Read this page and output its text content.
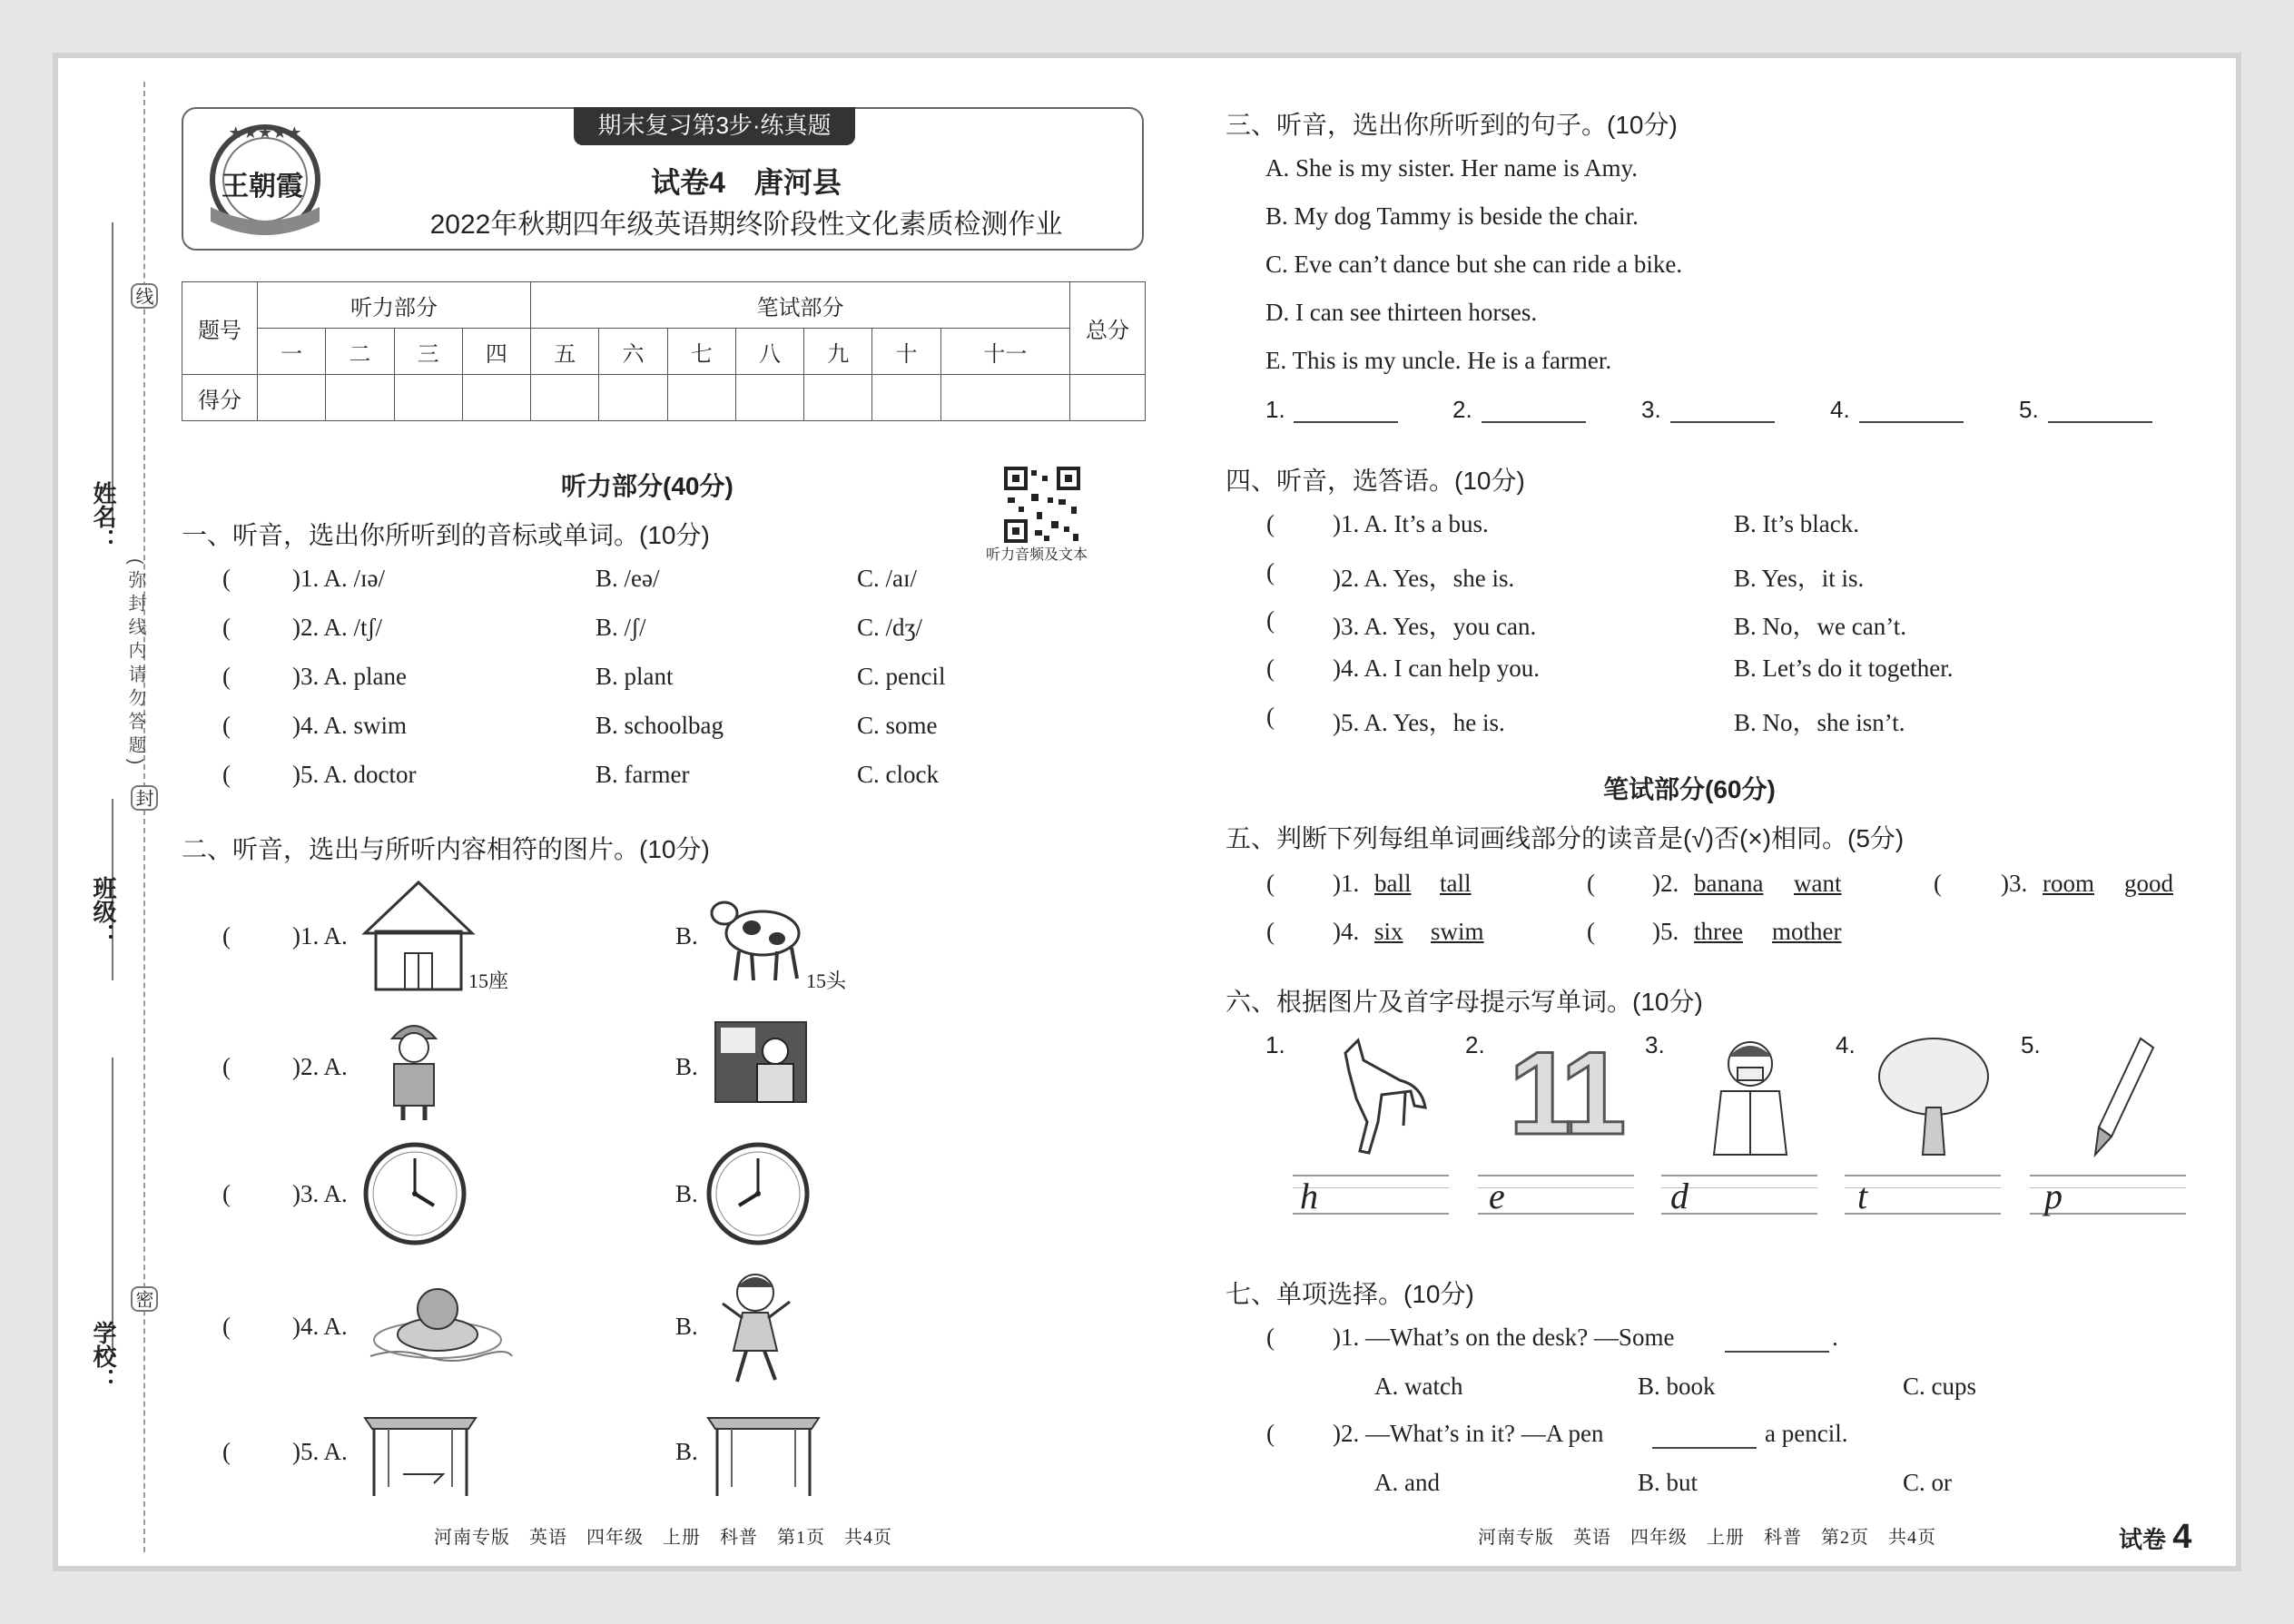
姓名：
班级：
学校：
线
封
密
(弥封线内请勿答题)
期末复习第3步·练真题
★★★★★
王朝霞	试卷4　唐河县
2022年秋期四年级英语期终阶段性文化素质检测作业
题号	听力部分				笔试部分							总分
	一	二	三	四	五	六	七	八	九	十	十一	
得分												
听力部分(40分)
听力音频及文本
一、听音，选出你所听到的音标或单词。(10分)
(	)1. A. /ɪə/	B. /eə/	C. /aɪ/
(	)2. A. /tʃ/	B. /ʃ/	C. /dʒ/
(	)3. A. plane	B. plant	C. pencil
(	)4. A. swim	B. schoolbag	C. some
(	)5. A. doctor	B. farmer	C. clock
二、听音，选出与所听内容相符的图片。(10分)
(	)1. A.
15座
B.
15头
(	)2. A.	B.
(	)3. A.	B.
(	)4. A.	B.
(	)5. A.	B.
河南专版　英语　四年级　上册　科普　第1页　共4页
三、听音，选出你所听到的句子。(10分)
A. She is my sister. Her name is Amy.
B. My dog Tammy is beside the chair.
C. Eve can’t dance but she can ride a bike.
D. I can see thirteen horses.
E. This is my uncle. He is a farmer.
1.	2.	3.	4.	5.
四、听音，选答语。(10分)
( )1. A. It’s a bus.	B. It’s black.
( )2. A. Yes，she is.	B. Yes，it is.
( )3. A. Yes，you can.	B. No，we can’t.
( )4. A. I can help you.	B. Let’s do it together.
( )5. A. Yes，he is.	B. No，she isn’t.
笔试部分(60分)
五、判断下列每组单词画线部分的读音是(√)否(×)相同。(5分)
( )1. ball tall	( )2. banana want	( )3. room good
( )4. six swim	( )5. three mother
六、根据图片及首字母提示写单词。(10分)
1.	2. 11 3.	4.	5.
h	e	d	t	p
七、单项选择。(10分)
( )1. —What’s on the desk? —Some	.
A. watch	B. book	C. cups
( )2. —What’s in it? —A pen	a pencil.
A. and	B. but	C. or
河南专版　英语　四年级　上册　科普　第2页　共4页	试卷 4
